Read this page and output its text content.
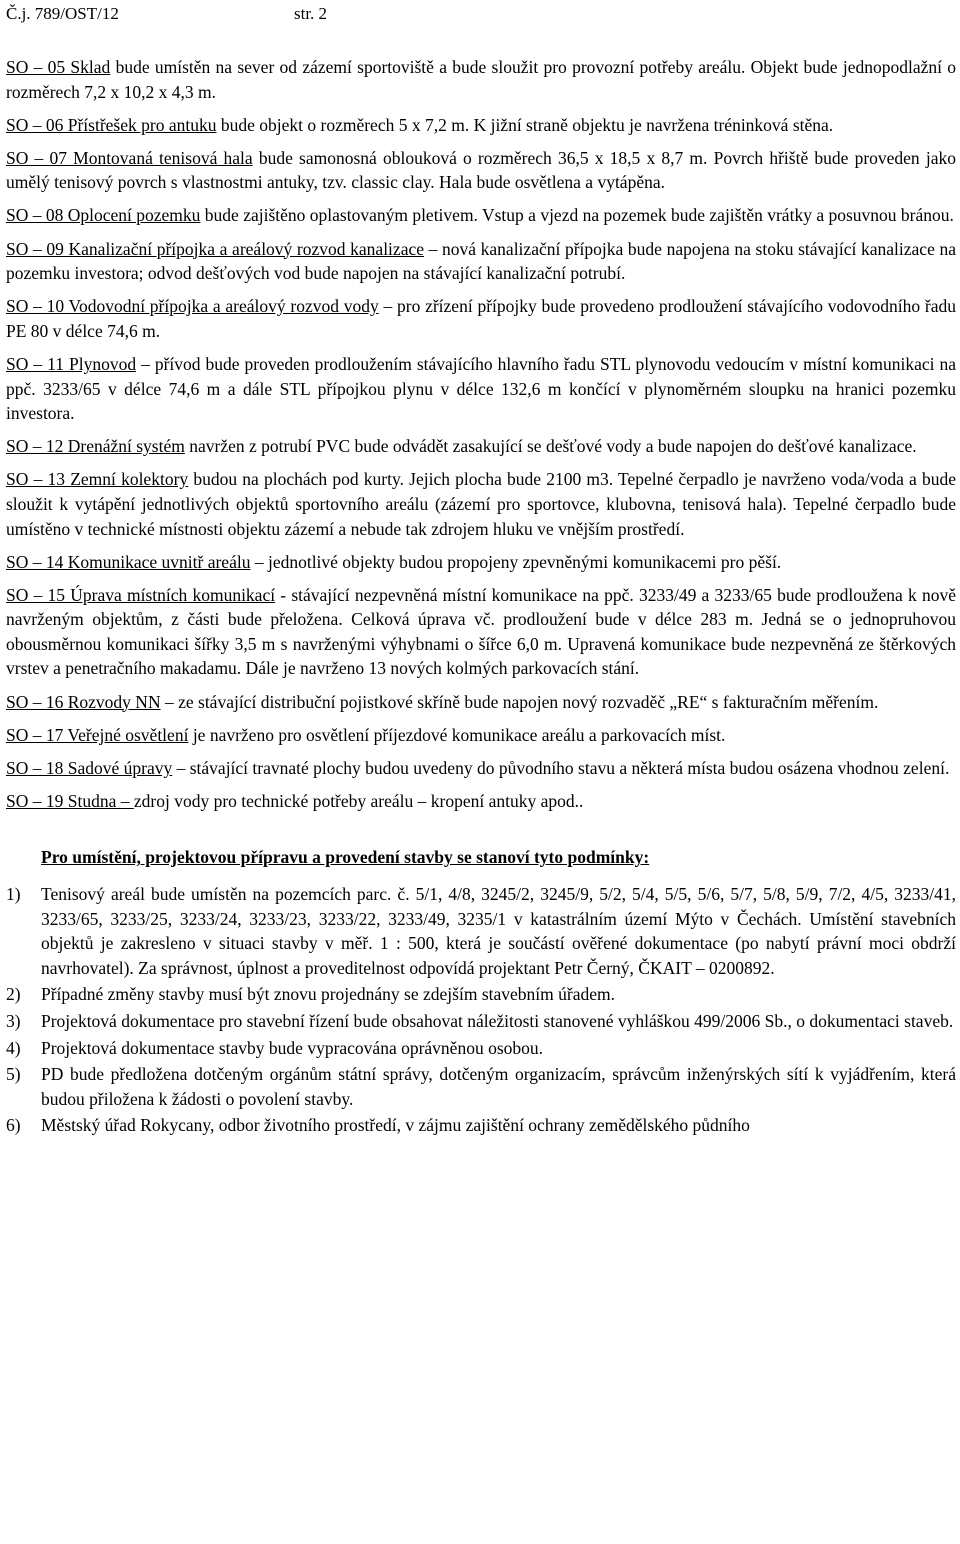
Č.j. 789/OST/12	str. 2

SO – 05 Sklad bude umístěn na sever od zázemí sportoviště a bude sloužit pro provozní potřeby areálu. Objekt bude jednopodlažní o rozměrech 7,2 x 10,2 x 4,3 m.

SO – 06 Přístřešek pro antuku bude objekt o rozměrech 5 x 7,2 m. K jižní straně objektu je navržena tréninková stěna.

SO – 07 Montovaná tenisová hala bude samonosná oblouková o rozměrech 36,5 x 18,5 x 8,7 m. Povrch hřiště bude proveden jako umělý tenisový povrch s vlastnostmi antuky, tzv. classic clay. Hala bude osvětlena a vytápěna.

SO – 08 Oplocení pozemku bude zajištěno oplastovaným pletivem. Vstup a vjezd na pozemek bude zajištěn vrátky a posuvnou bránou.

SO – 09 Kanalizační přípojka a areálový rozvod kanalizace – nová kanalizační přípojka bude napojena na stoku stávající kanalizace na pozemku investora; odvod dešťových vod bude napojen na stávající kanalizační potrubí.

SO – 10 Vodovodní přípojka a areálový rozvod vody – pro zřízení přípojky bude provedeno prodloužení stávajícího vodovodního řadu PE 80 v délce 74,6 m.

SO – 11 Plynovod – přívod bude proveden prodloužením stávajícího hlavního řadu STL plynovodu vedoucím v místní komunikaci na ppč. 3233/65 v délce 74,6 m a dále STL přípojkou plynu v délce 132,6 m končící v plynoměrném sloupku na hranici pozemku investora.

SO – 12 Drenážní systém navržen z potrubí PVC bude odvádět zasakující se dešťové vody a bude napojen do dešťové kanalizace.

SO – 13 Zemní kolektory budou na plochách pod kurty. Jejich plocha bude 2100 m3. Tepelné čerpadlo je navrženo voda/voda a bude sloužit k vytápění jednotlivých objektů sportovního areálu (zázemí pro sportovce, klubovna, tenisová hala). Tepelné čerpadlo bude umístěno v technické místnosti objektu zázemí a nebude tak zdrojem hluku ve vnějším prostředí.

SO – 14 Komunikace uvnitř areálu – jednotlivé objekty budou propojeny zpevněnými komunikacemi pro pěší.

SO – 15 Úprava místních komunikací - stávající nezpevněná místní komunikace na ppč. 3233/49 a 3233/65 bude prodloužena k nově navrženým objektům, z části bude přeložena. Celková úprava vč. prodloužení bude v délce 283 m. Jedná se o jednopruhovou obousměrnou komunikaci šířky 3,5 m s navrženými výhybnami o šířce 6,0 m. Upravená komunikace bude nezpevněná ze štěrkových vrstev a penetračního makadamu. Dále je navrženo 13 nových kolmých parkovacích stání.

SO – 16 Rozvody NN – ze stávající distribuční pojistkové skříně bude napojen nový rozvaděč „RE“ s fakturačním měřením.

SO – 17 Veřejné osvětlení je navrženo pro osvětlení příjezdové komunikace areálu a parkovacích míst.

SO – 18 Sadové úpravy – stávající travnaté plochy budou uvedeny do původního stavu a některá místa budou osázena vhodnou zelení.

SO – 19 Studna – zdroj vody pro technické potřeby areálu – kropení antuky apod..

Pro umístění, projektovou přípravu a provedení stavby se stanoví tyto podmínky:
1) Tenisový areál bude umístěn na pozemcích parc. č. 5/1, 4/8, 3245/2, 3245/9, 5/2, 5/4, 5/5, 5/6, 5/7, 5/8, 5/9, 7/2, 4/5, 3233/41, 3233/65, 3233/25, 3233/24, 3233/23, 3233/22, 3233/49, 3235/1 v katastrálním území Mýto v Čechách. Umístění stavebních objektů je zakresleno v situaci stavby v měř. 1 : 500, která je součástí ověřené dokumentace (po nabytí právní moci obdrží navrhovatel). Za správnost, úplnost a proveditelnost odpovídá projektant Petr Černý, ČKAIT – 0200892.
2) Případné změny stavby musí být znovu projednány se zdejším stavebním úřadem.
3) Projektová dokumentace pro stavební řízení bude obsahovat náležitosti stanovené vyhláškou 499/2006 Sb., o dokumentaci staveb.
4) Projektová dokumentace stavby bude vypracována oprávněnou osobou.
5) PD bude předložena dotčeným orgánům státní správy, dotčeným organizacím, správcům inženýrských sítí k vyjádřením, která budou přiložena k žádosti o povolení stavby.
6) Městský úřad Rokycany, odbor životního prostředí, v zájmu zajištění ochrany zemědělského půdního
